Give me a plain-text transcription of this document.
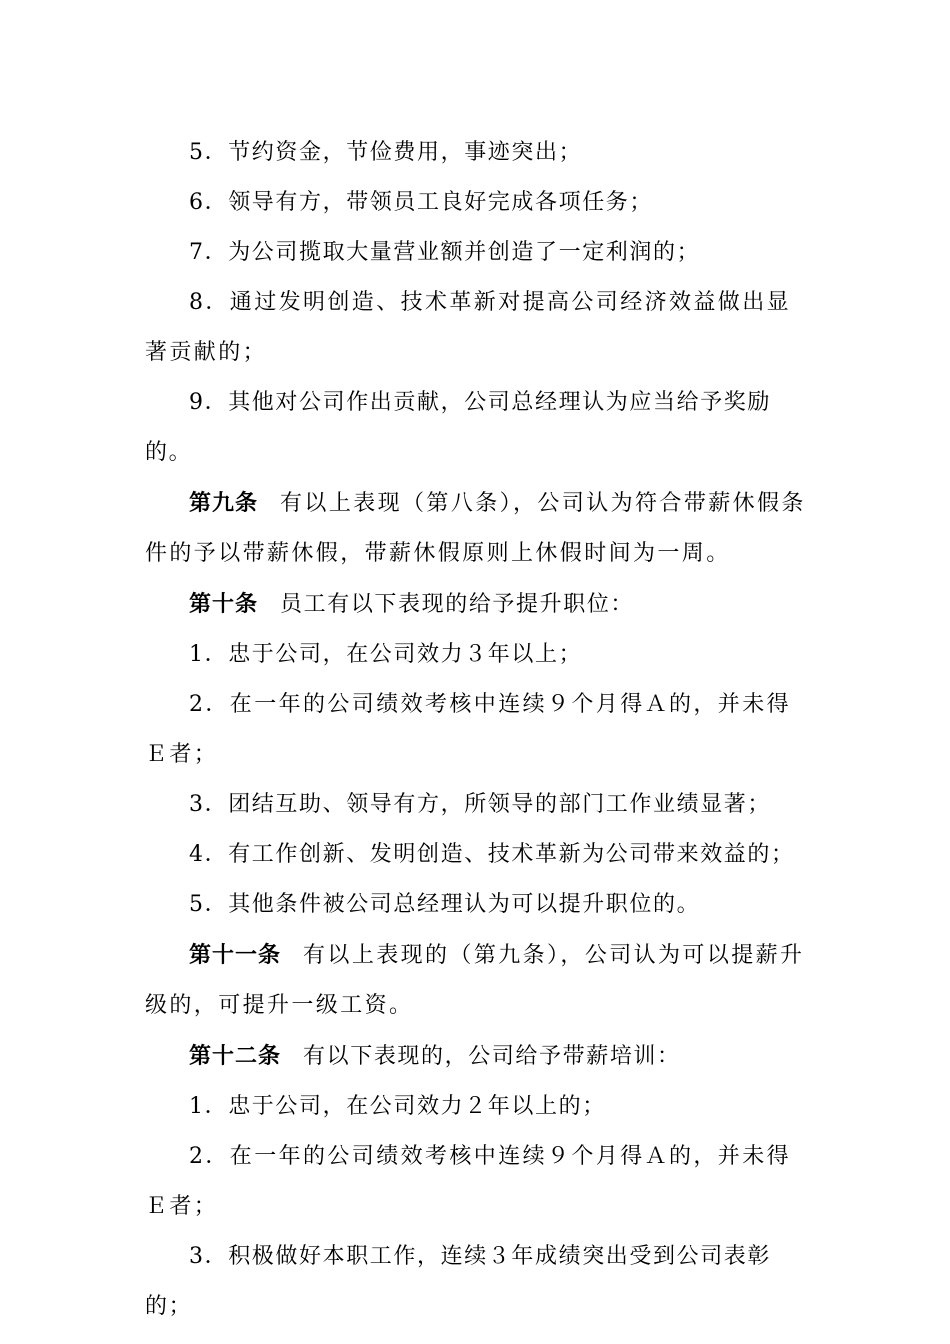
5．节约资金，节俭费用，事迹突出；

6．领导有方，带领员工良好完成各项任务；

7．为公司揽取大量营业额并创造了一定利润的；

8．通过发明创造、技术革新对提高公司经济效益做出显著贡献的；

9．其他对公司作出贡献，公司总经理认为应当给予奖励的。

第九条 有以上表现（第八条），公司认为符合带薪休假条件的予以带薪休假，带薪休假原则上休假时间为一周。

第十条 员工有以下表现的给予提升职位：

1．忠于公司，在公司效力３年以上；

2．在一年的公司绩效考核中连续９个月得Ａ的，并未得Ｅ者；

3．团结互助、领导有方，所领导的部门工作业绩显著；

4．有工作创新、发明创造、技术革新为公司带来效益的；

5．其他条件被公司总经理认为可以提升职位的。

第十一条 有以上表现的（第九条），公司认为可以提薪升级的，可提升一级工资。

第十二条 有以下表现的，公司给予带薪培训：

1．忠于公司，在公司效力２年以上的；

2．在一年的公司绩效考核中连续９个月得Ａ的，并未得Ｅ者；

3．积极做好本职工作，连续３年成绩突出受到公司表彰的；
